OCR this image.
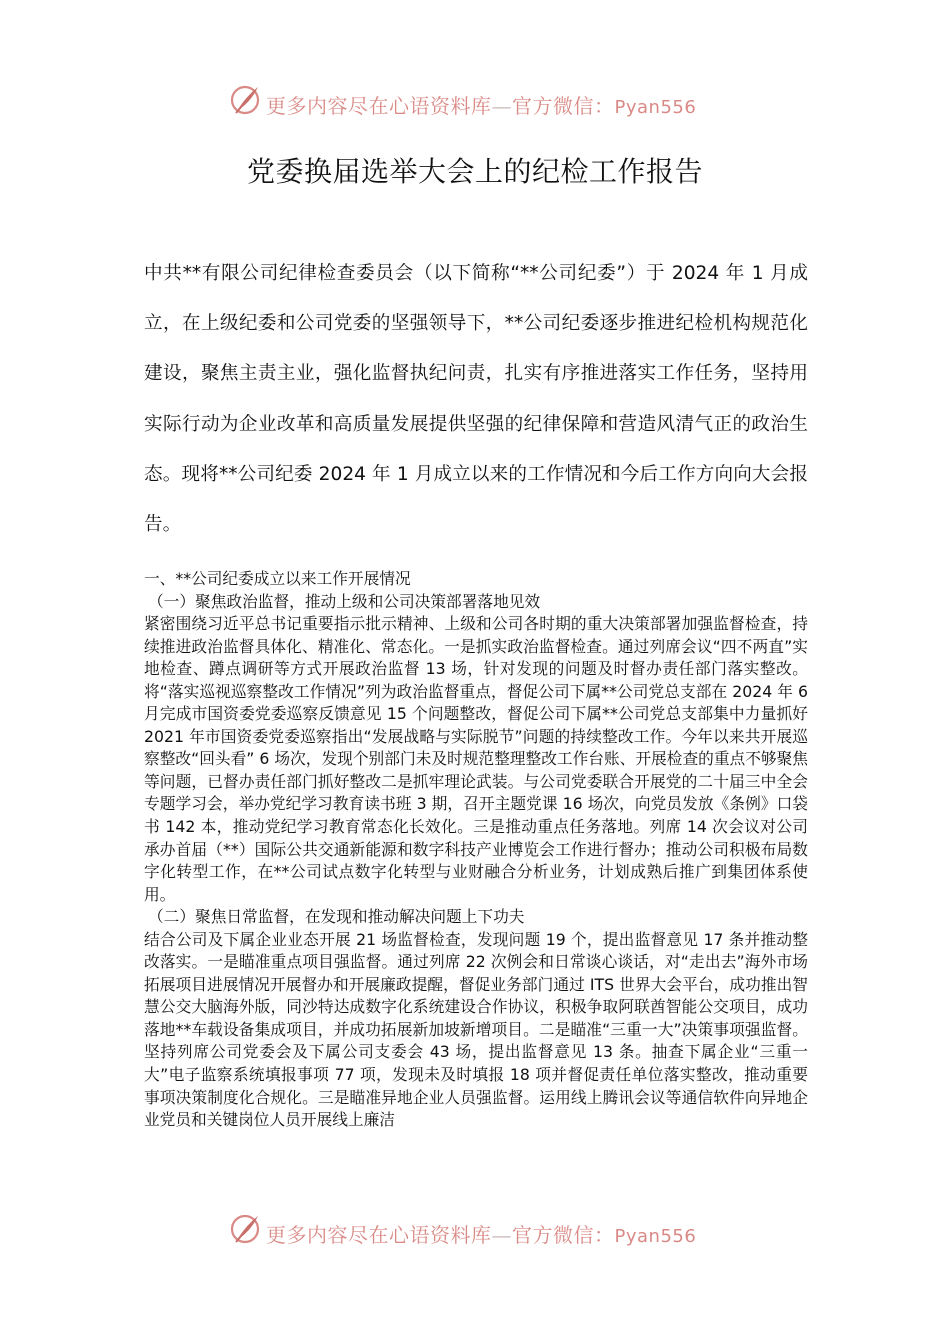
更多内容尽在心语资料库—官方微信：Pyan556
党委换届选举大会上的纪检工作报告
中共**有限公司纪律检查委员会（以下简称“**公司纪委”）于 2024 年 1 月成立，在上级纪委和公司党委的坚强领导下，**公司纪委逐步推进纪检机构规范化建设，聚焦主责主业，强化监督执纪问责，扎实有序推进落实工作任务，坚持用实际行动为企业改革和高质量发展提供坚强的纪律保障和营造风清气正的政治生态。现将**公司纪委 2024 年 1 月成立以来的工作情况和今后工作方向向大会报告。
一、**公司纪委成立以来工作开展情况
（一）聚焦政治监督，推动上级和公司决策部署落地见效

紧密围绕习近平总书记重要指示批示精神、上级和公司各时期的重大决策部署加强监督检查，持续推进政治监督具体化、精准化、常态化。一是抓实政治监督检查。通过列席会议“四不两直”实地检查、蹲点调研等方式开展政治监督 13 场，针对发现的问题及时督办责任部门落实整改。将“落实巡视巡察整改工作情况”列为政治监督重点，督促公司下属**公司党总支部在 2024 年 6 月完成市国资委党委巡察反馈意见 15 个问题整改，督促公司下属**公司党总支部集中力量抓好 2021 年市国资委党委巡察指出“发展战略与实际脱节”问题的持续整改工作。今年以来共开展巡察整改“回头看” 6 场次，发现个别部门未及时规范整理整改工作台账、开展检查的重点不够聚焦等问题，已督办责任部门抓好整改二是抓牢理论武装。与公司党委联合开展党的二十届三中全会专题学习会，举办党纪学习教育读书班 3 期，召开主题党课 16 场次，向党员发放《条例》口袋书 142 本，推动党纪学习教育常态化长效化。三是推动重点任务落地。列席 14 次会议对公司承办首届（**）国际公共交通新能源和数字科技产业博览会工作进行督办；推动公司积极布局数字化转型工作，在**公司试点数字化转型与业财融合分析业务，计划成熟后推广到集团体系使用。

（二）聚焦日常监督，在发现和推动解决问题上下功夫

结合公司及下属企业业态开展 21 场监督检查，发现问题 19 个，提出监督意见 17 条并推动整改落实。一是瞄准重点项目强监督。通过列席 22 次例会和日常谈心谈话，对“走出去”海外市场拓展项目进展情况开展督办和开展廉政提醒，督促业务部门通过 ITS 世界大会平台，成功推出智慧公交大脑海外版，同沙特达成数字化系统建设合作协议，积极争取阿联酋智能公交项目，成功落地**车载设备集成项目，并成功拓展新加坡新增项目。二是瞄准“三重一大”决策事项强监督。坚持列席公司党委会及下属公司支委会 43 场，提出监督意见 13 条。抽查下属企业“三重一大”电子监察系统填报事项 77 项，发现未及时填报 18 项并督促责任单位落实整改，推动重要事项决策制度化合规化。三是瞄准异地企业人员强监督。运用线上腾讯会议等通信软件向异地企业党员和关键岗位人员开展线上廉洁

更多内容尽在心语资料库—官方微信：Pyan556
